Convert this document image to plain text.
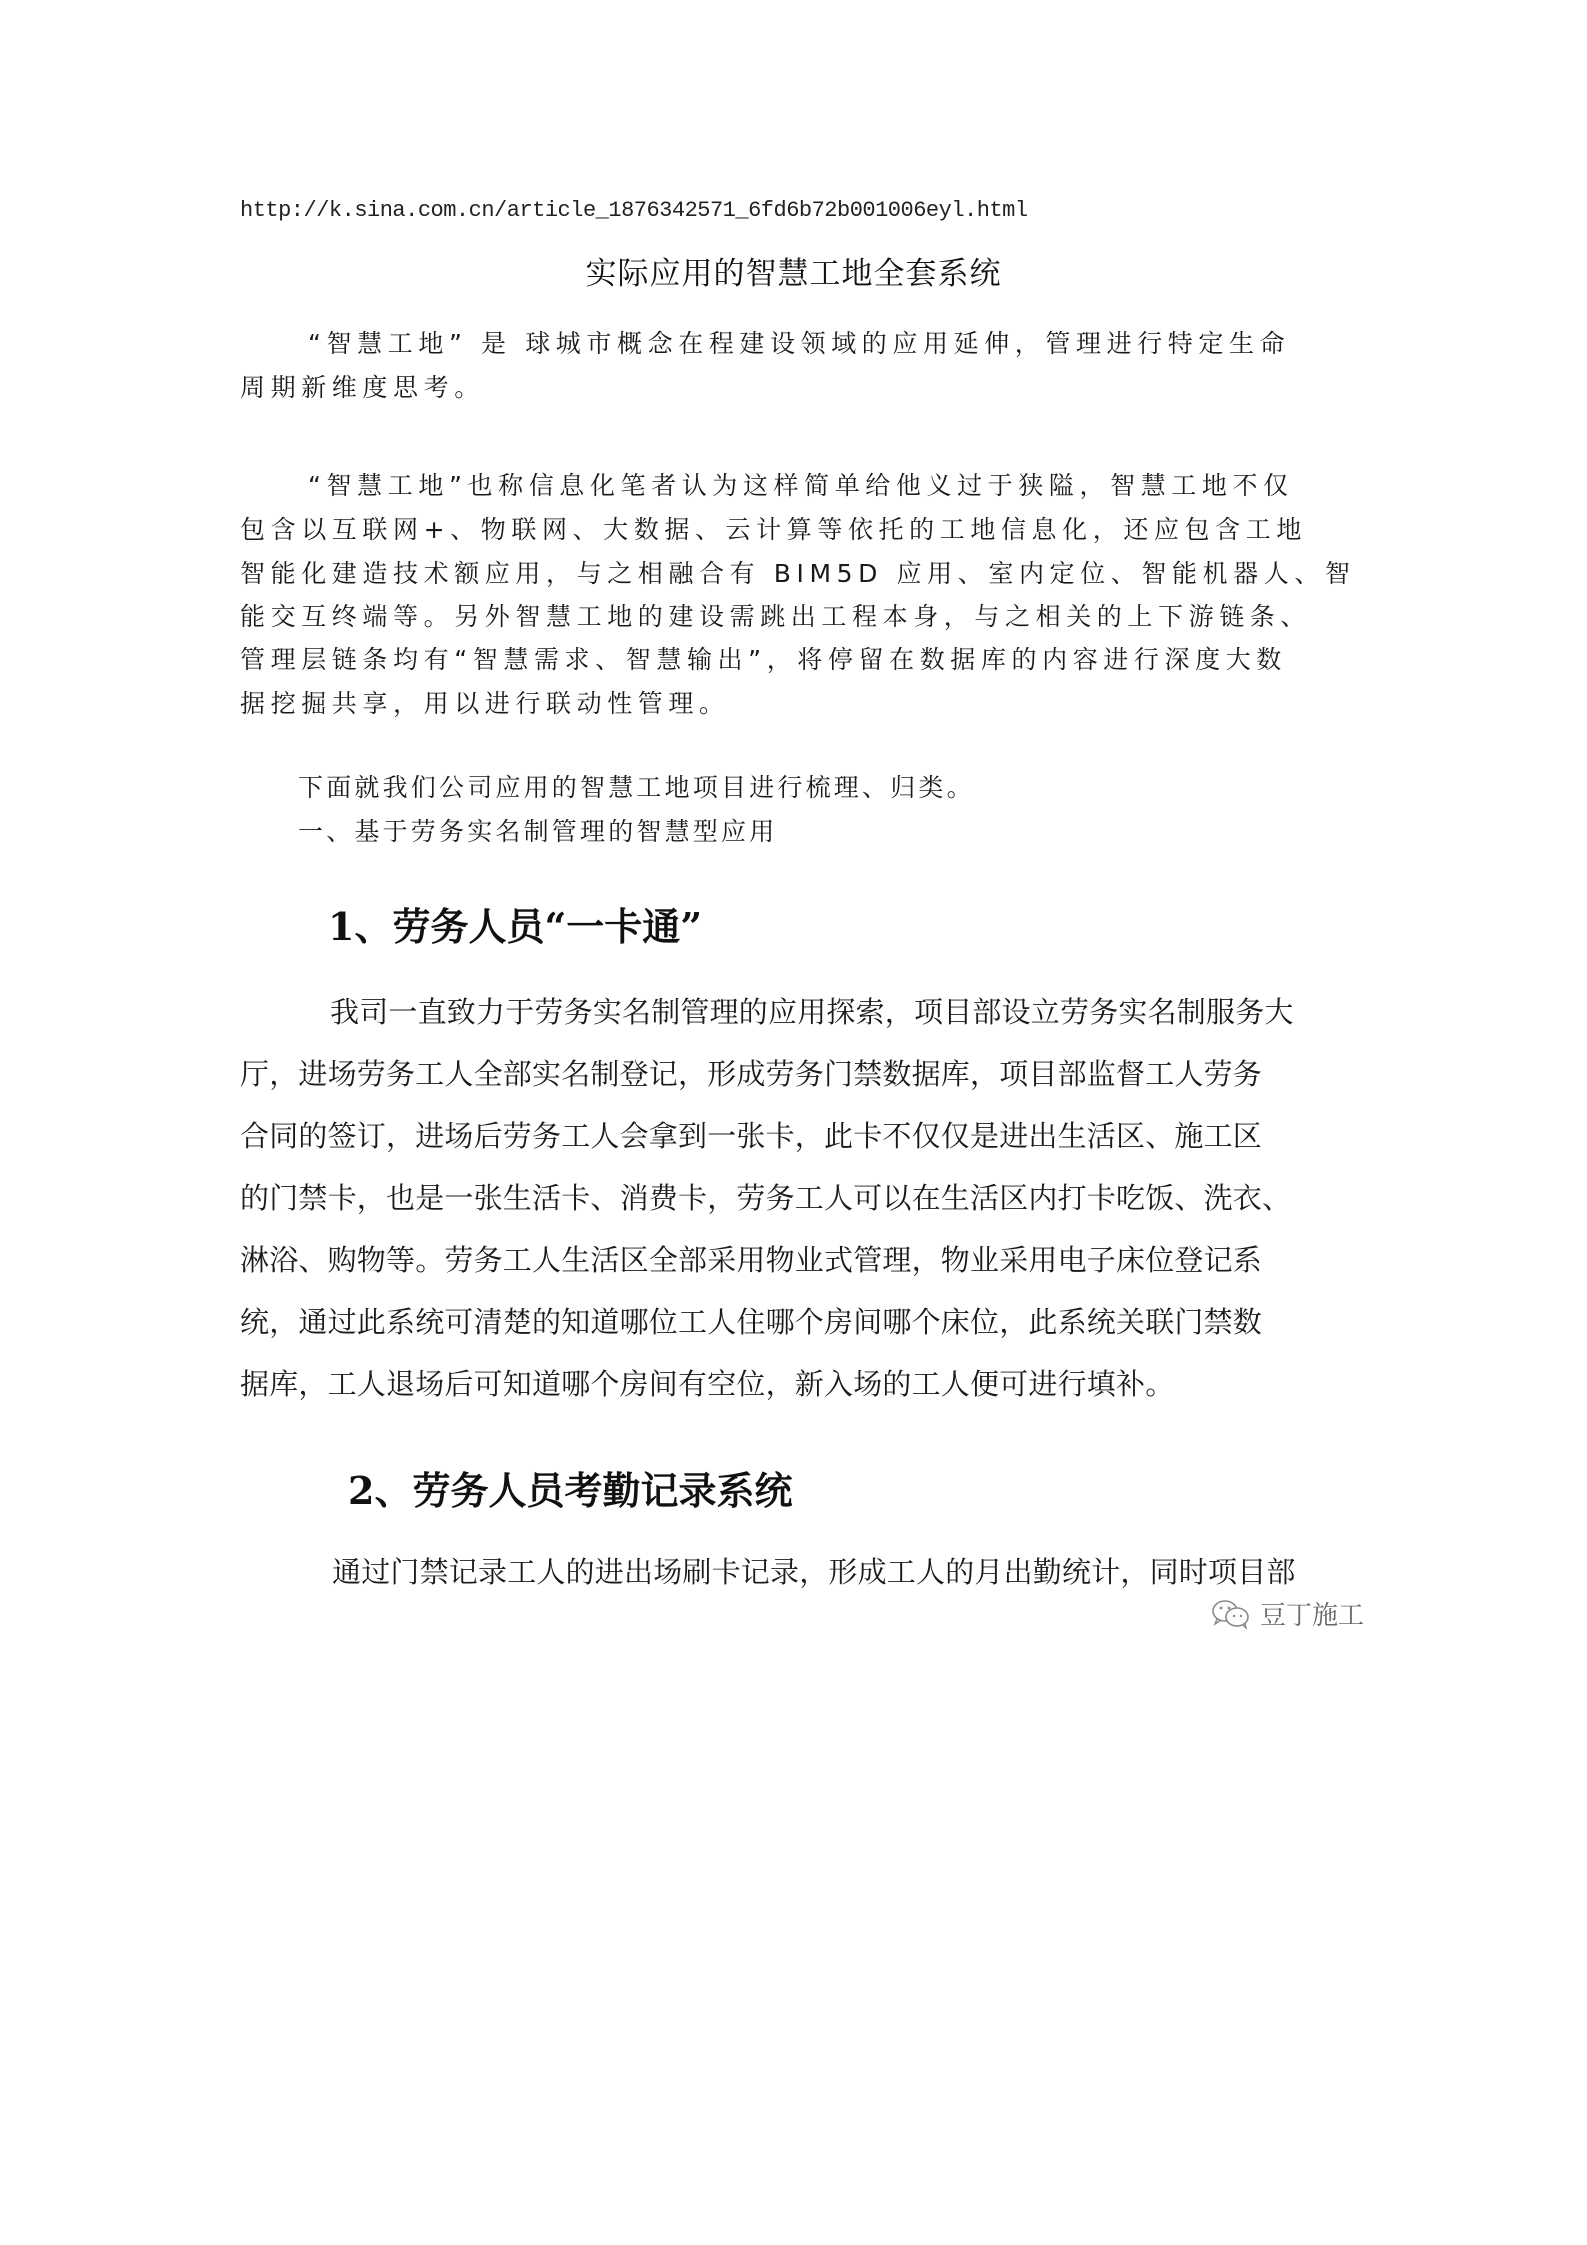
http://k.sina.com.cn/article_1876342571_6fd6b72b001006eyl.html
实际应用的智慧工地全套系统
“智慧工地” 是 球城市概念在程建设领域的应用延伸，管理进行特定生命
周期新维度思考。
“智慧工地”也称信息化笔者认为这样简单给他义过于狭隘，智慧工地不仅
包含以互联网+、物联网、大数据、云计算等依托的工地信息化，还应包含工地
智能化建造技术额应用，与之相融合有 BIM5D 应用、室内定位、智能机器人、智
能交互终端等。另外智慧工地的建设需跳出工程本身，与之相关的上下游链条、
管理层链条均有“智慧需求、智慧输出”，将停留在数据库的内容进行深度大数
据挖掘共享，用以进行联动性管理。
下面就我们公司应用的智慧工地项目进行梳理、归类。
一、基于劳务实名制管理的智慧型应用
1、劳务人员“一卡通”
我司一直致力于劳务实名制管理的应用探索，项目部设立劳务实名制服务大
厅，进场劳务工人全部实名制登记，形成劳务门禁数据库，项目部监督工人劳务
合同的签订，进场后劳务工人会拿到一张卡，此卡不仅仅是进出生活区、施工区
的门禁卡，也是一张生活卡、消费卡，劳务工人可以在生活区内打卡吃饭、洗衣、
淋浴、购物等。劳务工人生活区全部采用物业式管理，物业采用电子床位登记系
统，通过此系统可清楚的知道哪位工人住哪个房间哪个床位，此系统关联门禁数
据库，工人退场后可知道哪个房间有空位，新入场的工人便可进行填补。
2、劳务人员考勤记录系统
通过门禁记录工人的进出场刷卡记录，形成工人的月出勤统计，同时项目部
豆丁施工
